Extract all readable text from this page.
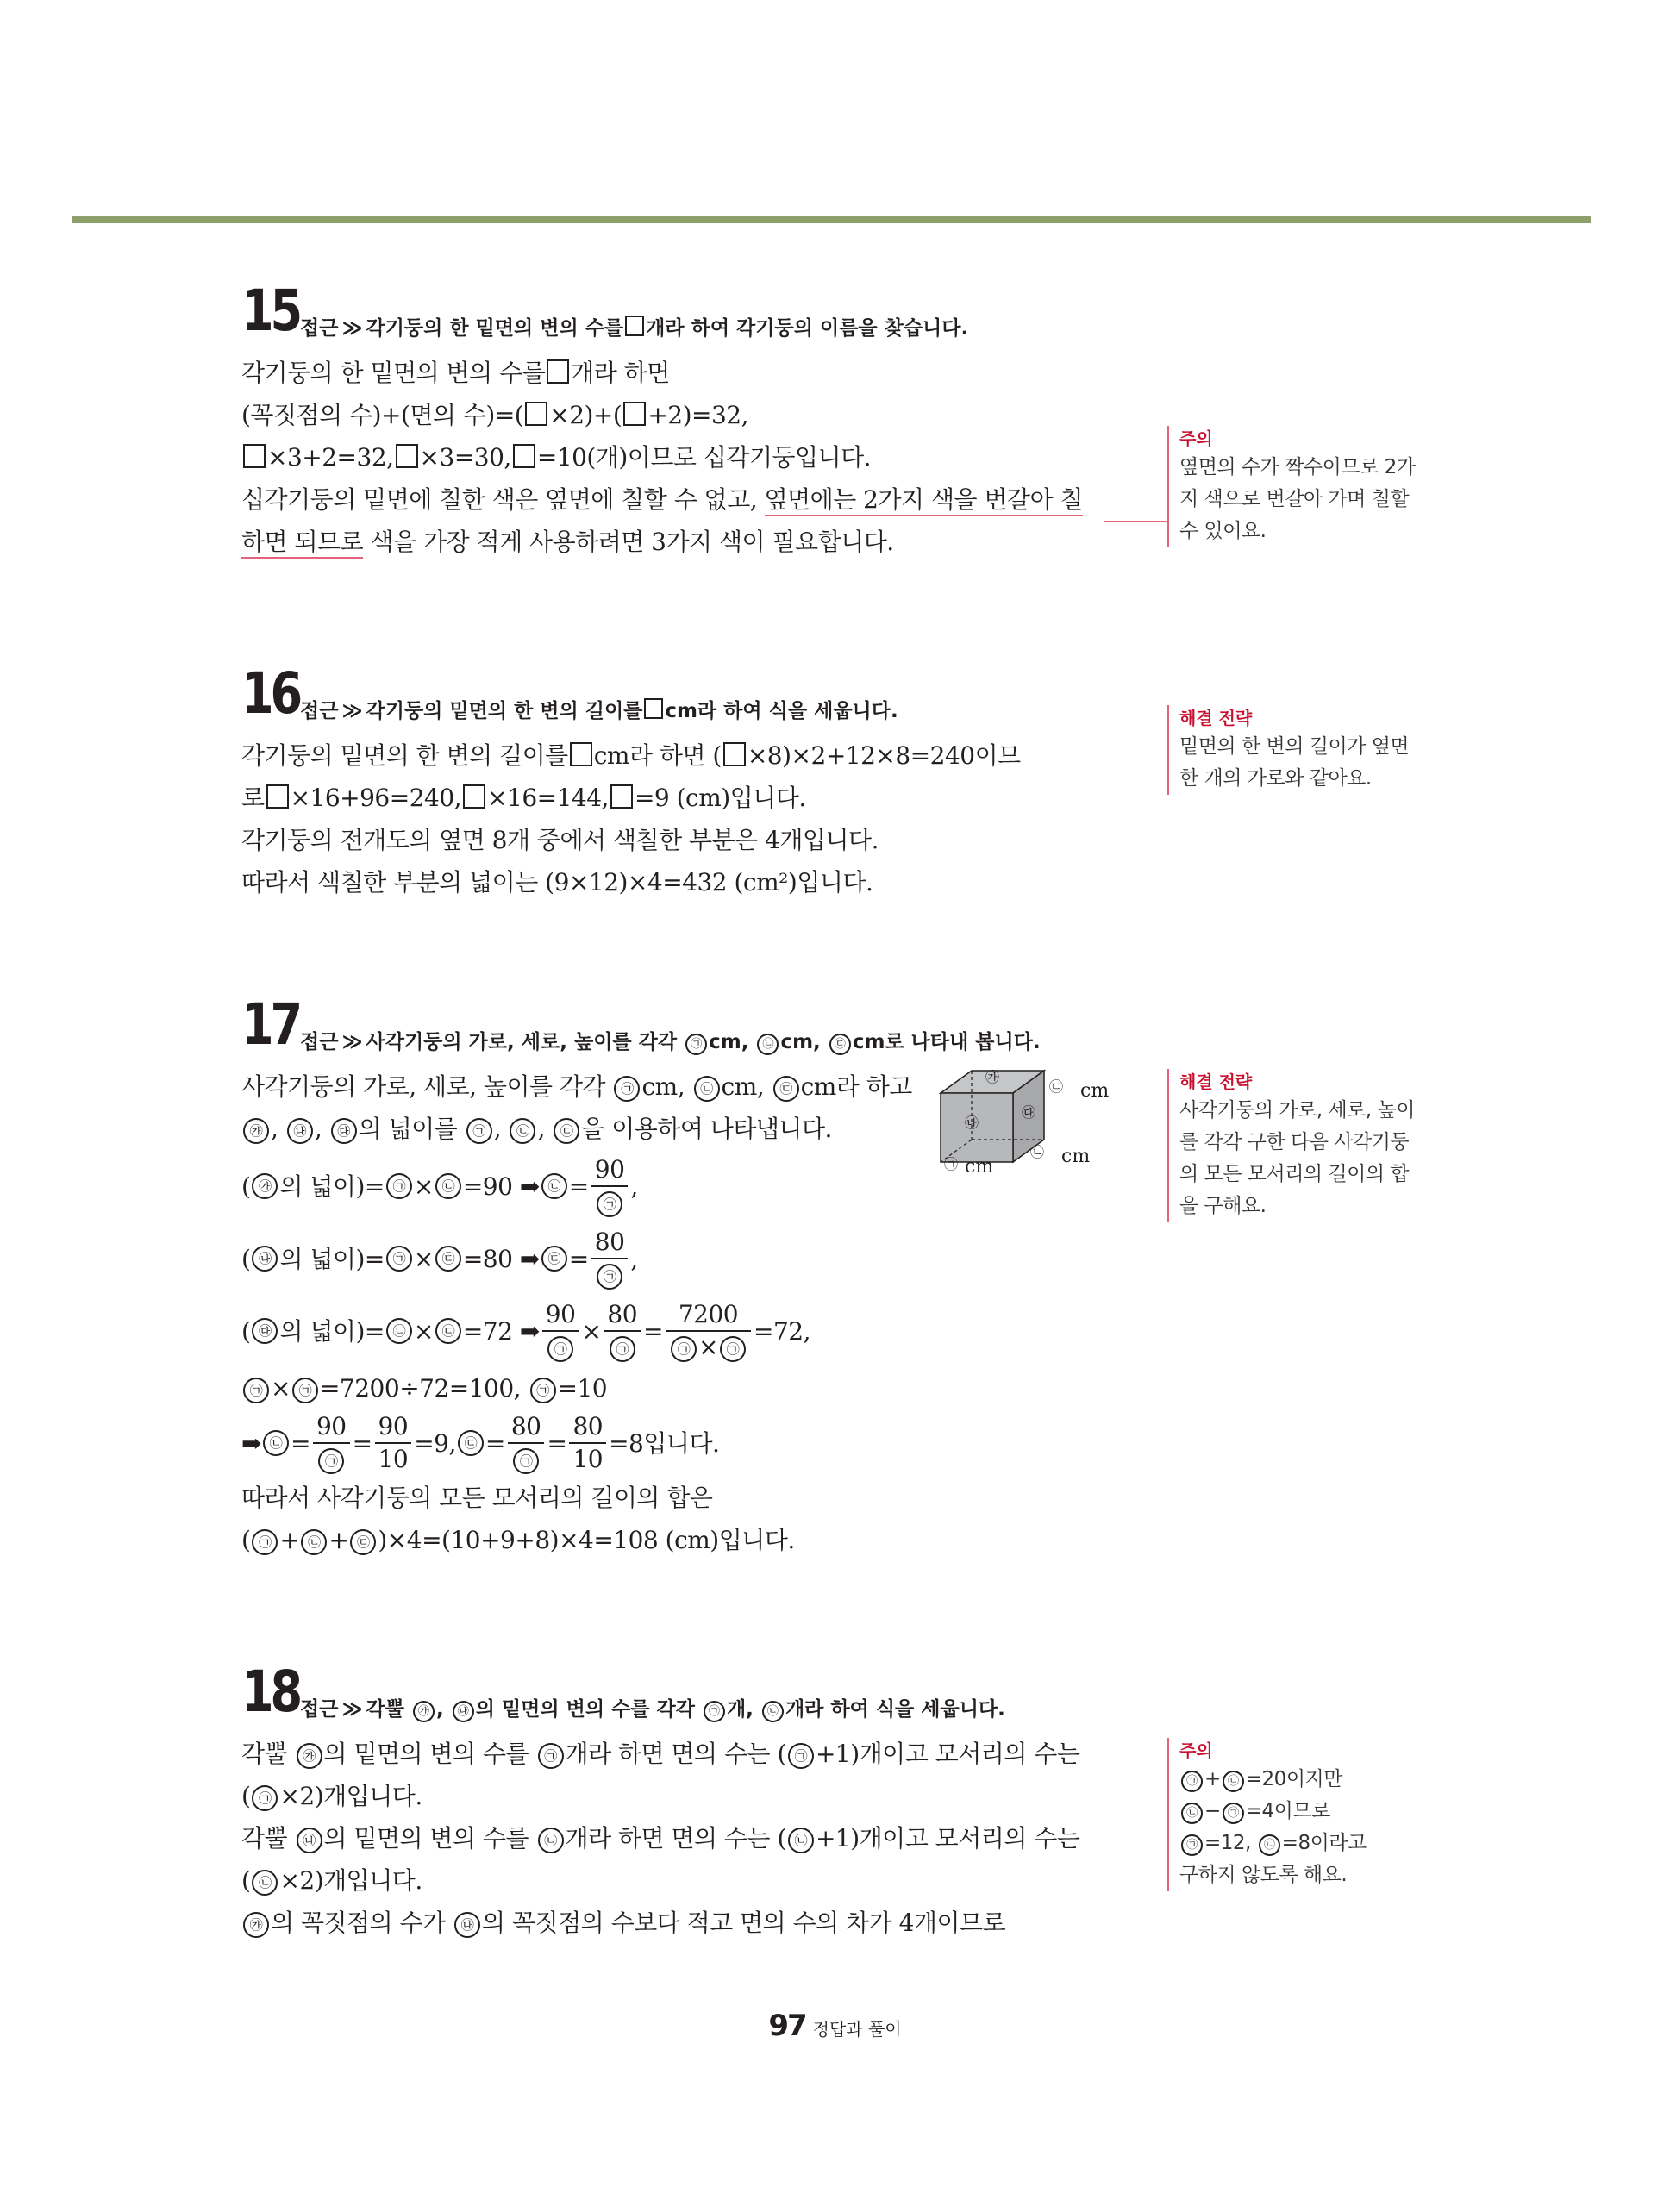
15 접근 ≫ 각기둥의 한 밑면의 변의 수를 개라 하여 각기둥의 이름을 찾습니다.

각기둥의 한 밑면의 변의 수를 개라 하면

(꼭짓점의 수)+(면의 수)=( ×2)+( +2)=32,

×3+2=32, ×3=30, =10(개)이므로 십각기둥입니다.

십각기둥의 밑면에 칠한 색은 옆면에 칠할 수 없고, 옆면에는 2가지 색을 번갈아 칠

하면 되므로 색을 가장 적게 사용하려면 3가지 색이 필요합니다.

주의
옆면의 수가 짝수이므로 2가
지 색으로 번갈아 가며 칠할
수 있어요.
16 접근 ≫ 각기둥의 밑면의 한 변의 길이를 cm라 하여 식을 세웁니다.

각기둥의 밑면의 한 변의 길이를 cm라 하면 ( ×8)×2+12×8=240이므

로 ×16+96=240, ×16=144, =9 (cm)입니다.

각기둥의 전개도의 옆면 8개 중에서 색칠한 부분은 4개입니다.

따라서 색칠한 부분의 넓이는 (9×12)×4=432 (cm²)입니다.

해결 전략
밑면의 한 변의 길이가 옆면
한 개의 가로와 같아요.
17 접근 ≫ 사각기둥의 가로, 세로, 높이를 각각 ㉠ cm, ㉡ cm, ㉢ cm로 나타내 봅니다.

사각기둥의 가로, 세로, 높이를 각각 ㉠ cm, ㉡ cm, ㉢ cm라 하고

㉮ , ㉯ , ㉰ 의 넓이를 ㉠ , ㉡ , ㉢ 을 이용하여 나타냅니다.

( ㉮ 의 넓이)= ㉠ × ㉡ =90 ➡ ㉡ = $\frac{90}{㉠}$ ,
( ㉯ 의 넓이)= ㉠ × ㉢ =80 ➡ ㉢ = $\frac{80}{㉠}$ ,
( ㉰ 의 넓이)= ㉡ × ㉢ =72 ➡ $\frac{90}{㉠} \times \frac{80}{㉠} = \frac{7200}{㉠ \times ㉠} =72$,

㉠ × ㉠ =7200÷72=100, ㉠ =10

➡ ㉡ = $\frac{90}{㉠} = \frac{90}{10} =9$, ㉢ = $\frac{80}{㉠} = \frac{80}{10} =8$입니다.

따라서 사각기둥의 모든 모서리의 길이의 합은

( ㉠ + ㉡ + ㉢ )×4=(10+9+8)×4=108 (cm)입니다.

㉮
㉯
㉰
㉢
㉠
㉡
cm
cm	cm
해결 전략
사각기둥의 가로, 세로, 높이
를 각각 구한 다음 사각기둥
의 모든 모서리의 길이의 합
을 구해요.
18 접근 ≫ 각뿔 ㉮ , ㉯ 의 밑면의 변의 수를 각각 ㉠ 개, ㉡ 개라 하여 식을 세웁니다.

각뿔 ㉮ 의 밑면의 변의 수를 ㉠ 개라 하면 면의 수는 ( ㉠ +1)개이고 모서리의 수는

( ㉠ ×2)개입니다.

각뿔 ㉯ 의 밑면의 변의 수를 ㉡ 개라 하면 면의 수는 ( ㉡ +1)개이고 모서리의 수는

( ㉡ ×2)개입니다.

㉮ 의 꼭짓점의 수가 ㉯ 의 꼭짓점의 수보다 적고 면의 수의 차가 4개이므로

주의
㉠ + ㉡ =20이지만
㉡ − ㉠ =4이므로
㉠ =12, ㉡ =8이라고
구하지 않도록 해요.
97 정답과 풀이
